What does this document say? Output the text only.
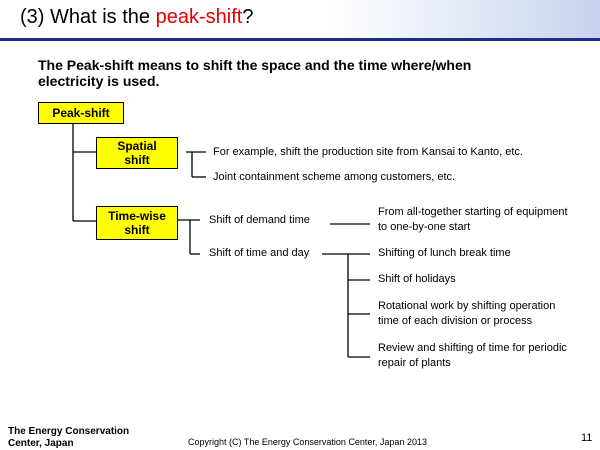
(3) What is the peak-shift?
The Peak-shift means to shift the space and the time where/when electricity is used.
Peak-shift
Spatial
shift
Time-wise
shift
For example, shift the production site from Kansai to Kanto, etc.
Joint containment scheme among customers, etc.
Shift of demand time
From all-together starting of equipment
to one-by-one start
Shift of time and day	Shifting of lunch break time
Shift of holidays
Rotational work by shifting operation
time of each division or process
Review and shifting of time for periodic
repair of plants
The Energy Conservation
Center, Japan	Copyright (C) The Energy Conservation Center, Japan 2013	11
